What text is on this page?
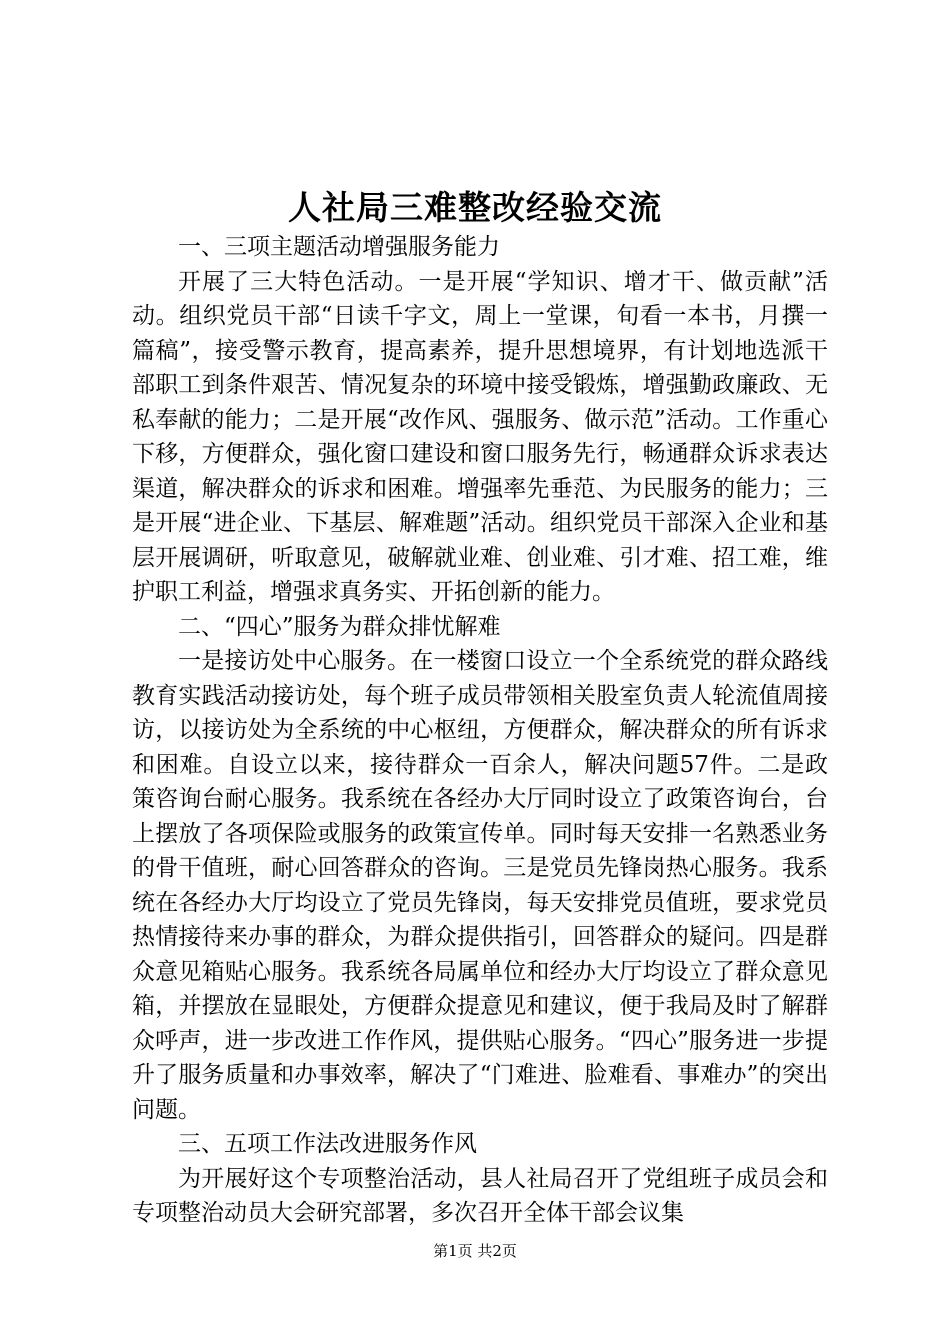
人社局三难整改经验交流

一、三项主题活动增强服务能力

开展了三大特色活动。一是开展“学知识、增才干、做贡献”活动。组织党员干部“日读千字文，周上一堂课，旬看一本书，月撰一篇稿”，接受警示教育，提高素养，提升思想境界，有计划地选派干部职工到条件艰苦、情况复杂的环境中接受锻炼，增强勤政廉政、无私奉献的能力；二是开展“改作风、强服务、做示范”活动。工作重心下移，方便群众，强化窗口建设和窗口服务先行，畅通群众诉求表达渠道，解决群众的诉求和困难。增强率先垂范、为民服务的能力；三是开展“进企业、下基层、解难题”活动。组织党员干部深入企业和基层开展调研，听取意见，破解就业难、创业难、引才难、招工难，维护职工利益，增强求真务实、开拓创新的能力。

二、“四心”服务为群众排忧解难

一是接访处中心服务。在一楼窗口设立一个全系统党的群众路线教育实践活动接访处，每个班子成员带领相关股室负责人轮流值周接访，以接访处为全系统的中心枢纽，方便群众，解决群众的所有诉求和困难。自设立以来，接待群众一百余人，解决问题57件。二是政策咨询台耐心服务。我系统在各经办大厅同时设立了政策咨询台，台上摆放了各项保险或服务的政策宣传单。同时每天安排一名熟悉业务的骨干值班，耐心回答群众的咨询。三是党员先锋岗热心服务。我系统在各经办大厅均设立了党员先锋岗，每天安排党员值班，要求党员热情接待来办事的群众，为群众提供指引，回答群众的疑问。四是群众意见箱贴心服务。我系统各局属单位和经办大厅均设立了群众意见箱，并摆放在显眼处，方便群众提意见和建议，便于我局及时了解群众呼声，进一步改进工作作风，提供贴心服务。“四心”服务进一步提升了服务质量和办事效率，解决了“门难进、脸难看、事难办”的突出问题。

三、五项工作法改进服务作风

为开展好这个专项整治活动，县人社局召开了党组班子成员会和专项整治动员大会研究部署，多次召开全体干部会议集

第1页 共2页
